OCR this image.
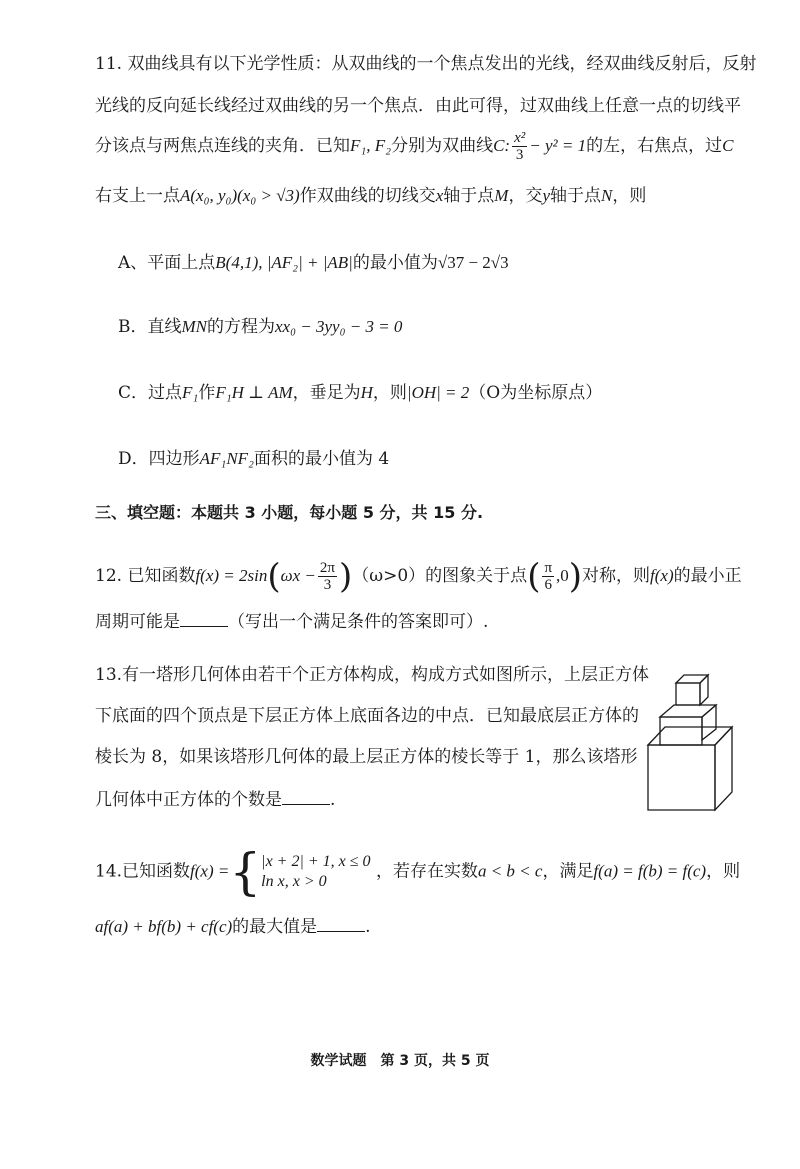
11. 双曲线具有以下光学性质：从双曲线的一个焦点发出的光线，经双曲线反射后，反射
光线的反向延长线经过双曲线的另一个焦点．由此可得，过双曲线上任意一点的切线平
分该点与两焦点连线的夹角．已知F₁, F₂分别为双曲线C: $\frac{\text{x²}}{3} - y^2 = 1$的左，右焦点，过C
右支上一点A(x₀, y₀)(x₀ > √3)作双曲线的切线交x轴于点M，交y轴于点N，则
A、平面上点B(4,1), |AF₂| + |AB|的最小值为√37 − 2√3
B．直线MN的方程为xx₀ − 3yy₀ − 3 = 0
C．过点F₁作F₁H ⊥ AM，垂足为H，则|OH| = 2（O为坐标原点）
D．四边形AF₁NF₂面积的最小值为 4
三、填空题：本题共 3 小题，每小题 5 分，共 15 分.
12. 已知函数$f(x) = 2\sin(\omega x - \frac{2\pi}{3} )(\omega>0)$的图象关于点( $\frac{\pi}{6} ,0$)对称，则f(x)的最小正
周期可能是	（写出一个满足条件的答案即可）.
13.有一塔形几何体由若干个正方体构成，构成方式如图所示，上层正方体
下底面的四个顶点是下层正方体上底面各边的中点．已知最底层正方体的
棱长为 8，如果该塔形几何体的最上层正方体的棱长等于 1，那么该塔形
几何体中正方体的个数是	.
14.已知函数f(x) ={ |x + 2| + 1, x ≤ 0
ln x, x > 0	，若存在实数a < b < c，满足f(a) = f(b) = f(c)，则
af(a) + bf(b) + cf(c)的最大值是	.
数学试题　第 3 页，共 5 页
